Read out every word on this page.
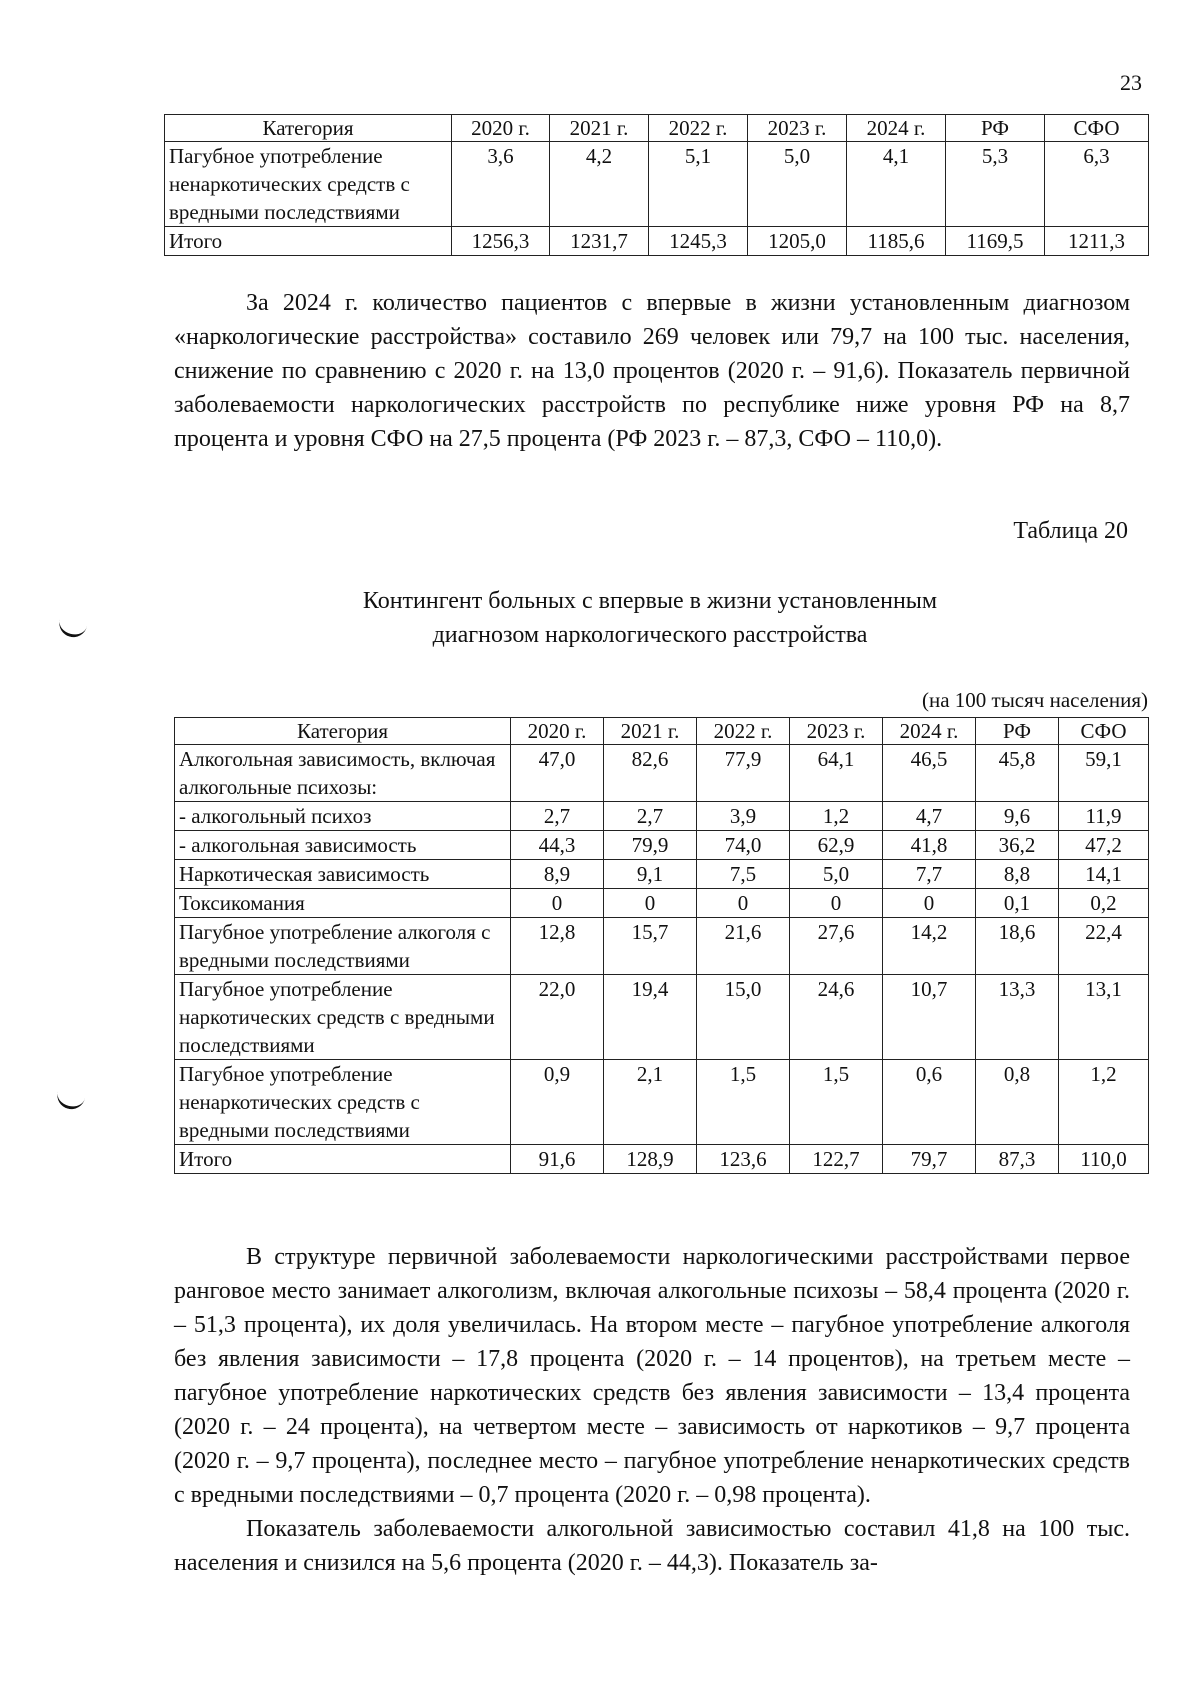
23
Категория	2020 г.	2021 г.	2022 г.	2023 г.	2024 г.	РФ	СФО
Пагубное употребление ненаркотических средств с вредными последствиями	3,6	4,2	5,1	5,0	4,1	5,3	6,3
Итого	1256,3	1231,7	1245,3	1205,0	1185,6	1169,5	1211,3

За 2024 г. количество пациентов с впервые в жизни установленным диагнозом «наркологические расстройства» составило 269 человек или 79,7 на 100 тыс. населения, снижение по сравнению с 2020 г. на 13,0 процентов (2020 г. – 91,6). Показатель первичной заболеваемости наркологических расстройств по республике ниже уровня РФ на 8,7 процента и уровня СФО на 27,5 процента (РФ 2023 г. – 87,3, СФО – 110,0).

Таблица 20
Контингент больных с впервые в жизни установленным
диагнозом наркологического расстройства
(на 100 тысяч населения)
Категория	2020 г.	2021 г.	2022 г.	2023 г.	2024 г.	РФ	СФО
Алкогольная зависимость, включая алкогольные психозы:	47,0	82,6	77,9	64,1	46,5	45,8	59,1
- алкогольный психоз	2,7	2,7	3,9	1,2	4,7	9,6	11,9
- алкогольная зависимость	44,3	79,9	74,0	62,9	41,8	36,2	47,2
Наркотическая зависимость	8,9	9,1	7,5	5,0	7,7	8,8	14,1
Токсикомания	0	0	0	0	0	0,1	0,2
Пагубное употребление алкоголя с вредными последствиями	12,8	15,7	21,6	27,6	14,2	18,6	22,4
Пагубное употребление наркотических средств с вредными последствиями	22,0	19,4	15,0	24,6	10,7	13,3	13,1
Пагубное употребление ненаркотических средств с вредными последствиями	0,9	2,1	1,5	1,5	0,6	0,8	1,2
Итого	91,6	128,9	123,6	122,7	79,7	87,3	110,0

В структуре первичной заболеваемости наркологическими расстройствами первое ранговое место занимает алкоголизм, включая алкогольные психозы – 58,4 процента (2020 г. – 51,3 процента), их доля увеличилась. На втором месте – пагубное употребление алкоголя без явления зависимости – 17,8 процента (2020 г. – 14 процентов), на третьем месте – пагубное употребление наркотических средств без явления зависимости – 13,4 процента (2020 г. – 24 процента), на четвертом месте – зависимость от наркотиков – 9,7 процента (2020 г. – 9,7 процента), последнее место – пагубное употребление ненаркотических средств с вредными последствиями – 0,7 процента (2020 г. – 0,98 процента).

Показатель заболеваемости алкогольной зависимостью составил 41,8 на 100 тыс. населения и снизился на 5,6 процента (2020 г. – 44,3). Показатель за-
